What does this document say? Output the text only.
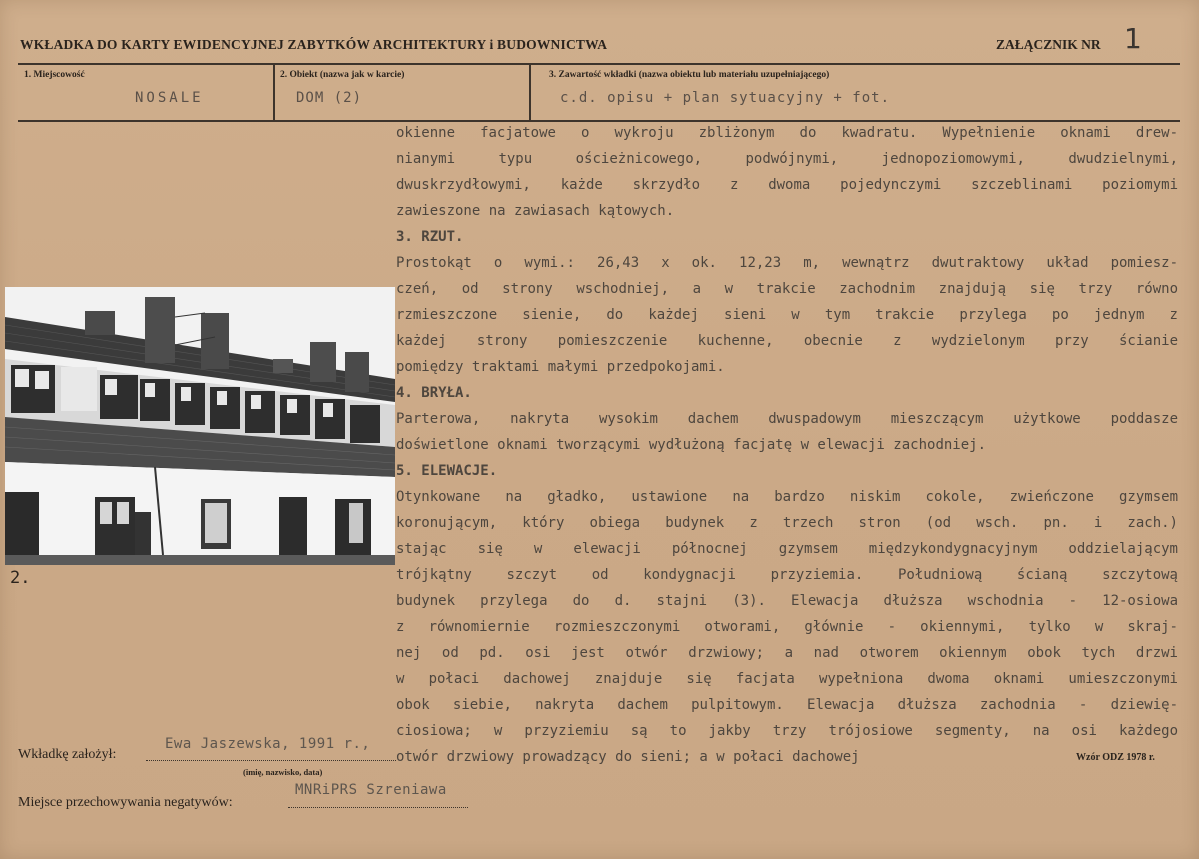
WKŁADKA DO KARTY EWIDENCYJNEJ ZABYTKÓW ARCHITEKTURY i BUDOWNICTWA	ZAŁĄCZNIK NR 1
1. Miejscowość
NOSALE
2. Obiekt (nazwa jak w karcie)
DOM (2)
3. Zawartość wkładki (nazwa obiektu lub materiału uzupełniającego)
c.d. opisu + plan sytuacyjny + fot.
okienne facjatowe o wykroju zbliżonym do kwadratu. Wypełnienie oknami drew-
nianymi typu ościeżnicowego, podwójnymi, jednopoziomowymi, dwudzielnymi,
dwuskrzydłowymi, każde skrzydło z dwoma pojedynczymi szczeblinami poziomymi
zawieszone na zawiasach kątowych.
3. RZUT.
Prostokąt o wymi.: 26,43 x ok. 12,23 m, wewnątrz dwutraktowy układ pomiesz-
czeń, od strony wschodniej, a w trakcie zachodnim znajdują się trzy równo
rzmieszczone sienie, do każdej sieni w tym trakcie przylega po jednym z
każdej strony pomieszczenie kuchenne, obecnie z wydzielonym przy ścianie
pomiędzy traktami małymi przedpokojami.
4. BRYŁA.
Parterowa, nakryta wysokim dachem dwuspadowym mieszczącym użytkowe poddasze
doświetlone oknami tworzącymi wydłużoną facjatę w elewacji zachodniej.
5. ELEWACJE.
Otynkowane na gładko, ustawione na bardzo niskim cokole, zwieńczone gzymsem
koronującym, który obiega budynek z trzech stron (od wsch. pn. i zach.)
stając się w elewacji północnej gzymsem międzykondygnacyjnym oddzielającym
trójkątny szczyt od kondygnacji przyziemia. Południową ścianą szczytową
budynek przylega do d. stajni (3). Elewacja dłuższa wschodnia - 12-osiowa
z równomiernie rozmieszczonymi otworami, głównie - okiennymi, tylko w skraj-
nej od pd. osi jest otwór drzwiowy; a nad otworem okiennym obok tych drzwi
w połaci dachowej znajduje się facjata wypełniona dwoma oknami umieszczonymi
obok siebie, nakryta dachem pulpitowym. Elewacja dłuższa zachodnia - dziewię-
ciosiowa; w przyziemiu są to jakby trzy trójosiowe segmenty, na osi każdego
otwór drzwiowy prowadzący do sieni; a w połaci dachowej
2.
Wkładkę założył:
Ewa Jaszewska, 1991 r.,
(imię, nazwisko, data)
Miejsce przechowywania negatywów:
MNRiPRS Szreniawa
Wzór ODZ 1978 r.
